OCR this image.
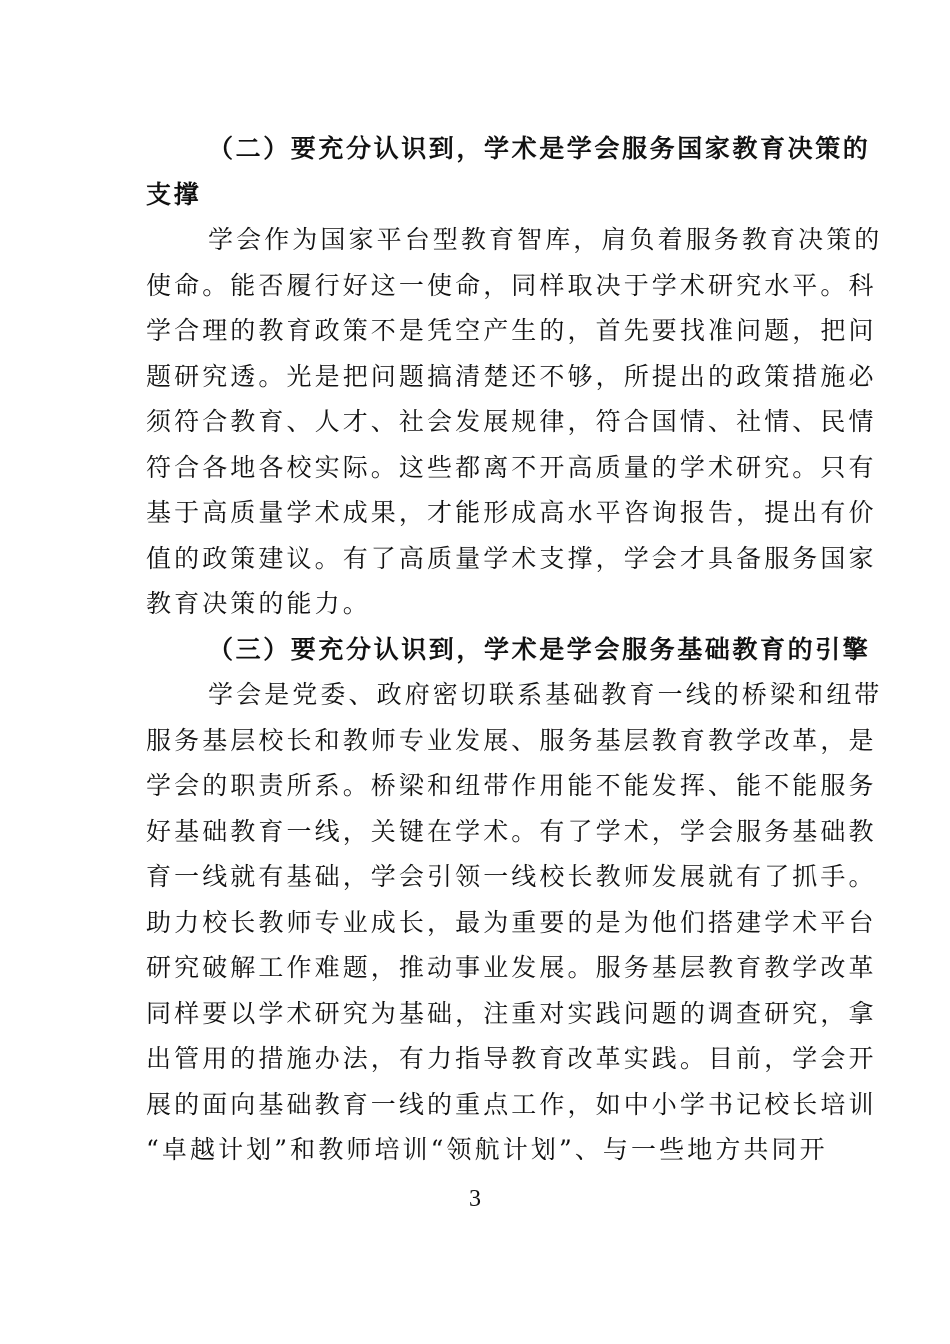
（二）要充分认识到，学术是学会服务国家教育决策的
支撑
学会作为国家平台型教育智库，肩负着服务教育决策的
使命。能否履行好这一使命，同样取决于学术研究水平。科
学合理的教育政策不是凭空产生的，首先要找准问题，把问
题研究透。光是把问题搞清楚还不够，所提出的政策措施必
须符合教育、人才、社会发展规律，符合国情、社情、民情
符合各地各校实际。这些都离不开高质量的学术研究。只有
基于高质量学术成果，才能形成高水平咨询报告，提出有价
值的政策建议。有了高质量学术支撑，学会才具备服务国家
教育决策的能力。
（三）要充分认识到，学术是学会服务基础教育的引擎
学会是党委、政府密切联系基础教育一线的桥梁和纽带
服务基层校长和教师专业发展、服务基层教育教学改革，是
学会的职责所系。桥梁和纽带作用能不能发挥、能不能服务
好基础教育一线，关键在学术。有了学术，学会服务基础教
育一线就有基础，学会引领一线校长教师发展就有了抓手。
助力校长教师专业成长，最为重要的是为他们搭建学术平台
研究破解工作难题，推动事业发展。服务基层教育教学改革
同样要以学术研究为基础，注重对实践问题的调查研究，拿
出管用的措施办法，有力指导教育改革实践。目前，学会开
展的面向基础教育一线的重点工作，如中小学书记校长培训
“卓越计划”和教师培训“领航计划”、与一些地方共同开
3
